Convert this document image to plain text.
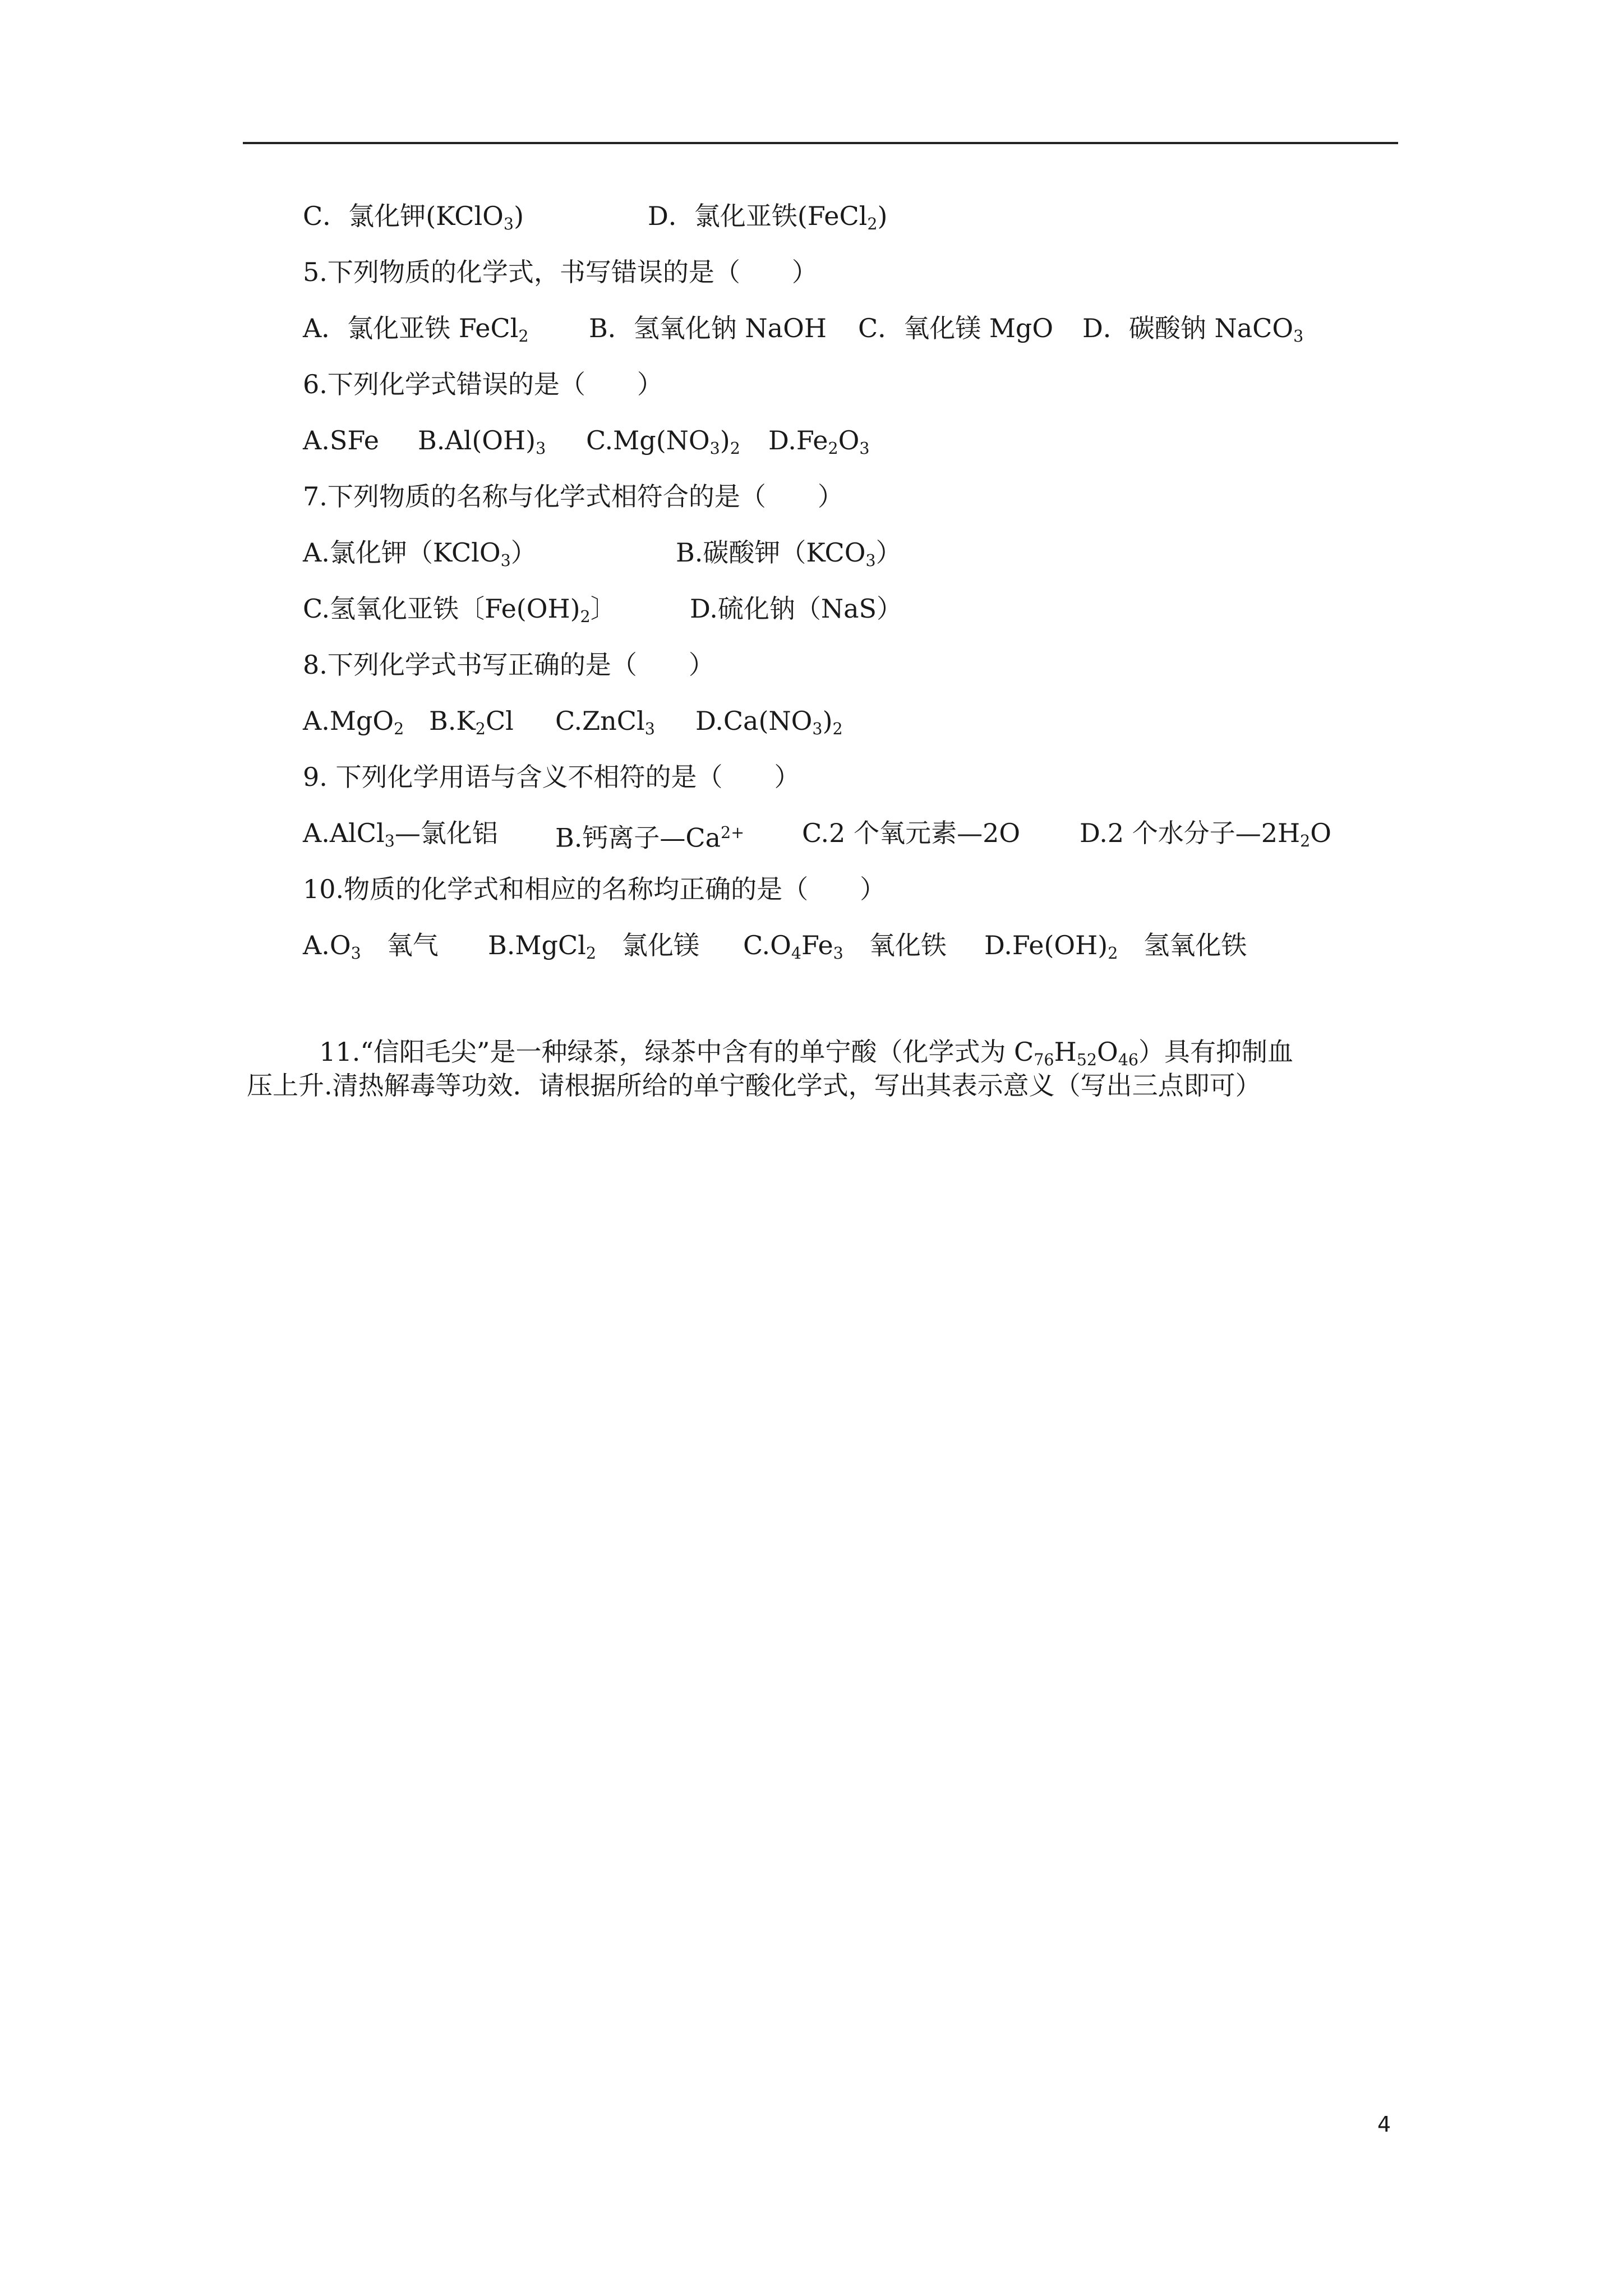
C．氯化钾(KClO$_3$)

	D．氯化亚铁(FeCl$_2$)

5.下列物质的化学式，书写错误的是（　　）

A．氯化亚铁 FeCl$_2$

B．氢氧化钠 NaOH

C．氧化镁 MgO

D．碳酸钠 NaCO$_3$

6.下列化学式错误的是（　　）

A.SFe

$B.Al(OH)_3$

$C.Mg(NO_3)_2$

$D.Fe_2O_3$

7.下列物质的名称与化学式相符合的是（　　）

A.氯化钾（KClO$_3$）

	B.碳酸钾$(KCO_3)$

C.氢氧化亚铁〔$Fe(OH)_2$〕

	D.硫化钠（NaS）

8.下列化学式书写正确的是（　　）

A.MgO$_2$

$B.K_2Cl$

C.ZnCl$_3$

$D.Ca(NO_3)_2$

9. 下列化学用语与含义不相符的是（　　）

A.AlCl$_3$—氯化铝

B.钙离子$—Ca^{2+}$

C.2 个氧元素—2O

D.2 个水分子$—2H_2O$

10.物质的化学式和相应的名称均正确的是（　　）

$A.O_3$　氧气

B.MgCl$_2$　氯化镁

$C.O_4Fe_3$　氧化铁

$D.Fe(OH)_2$　氢氧化铁

11.“信阳毛尖”是一种绿茶，绿茶中含有的单宁酸（化学式为 $C_{76}H_{52}O_{46}$）具有抑制血

压上升.清热解毒等功效．请根据所给的单宁酸化学式，写出其表示意义（写出三点即可）
4
